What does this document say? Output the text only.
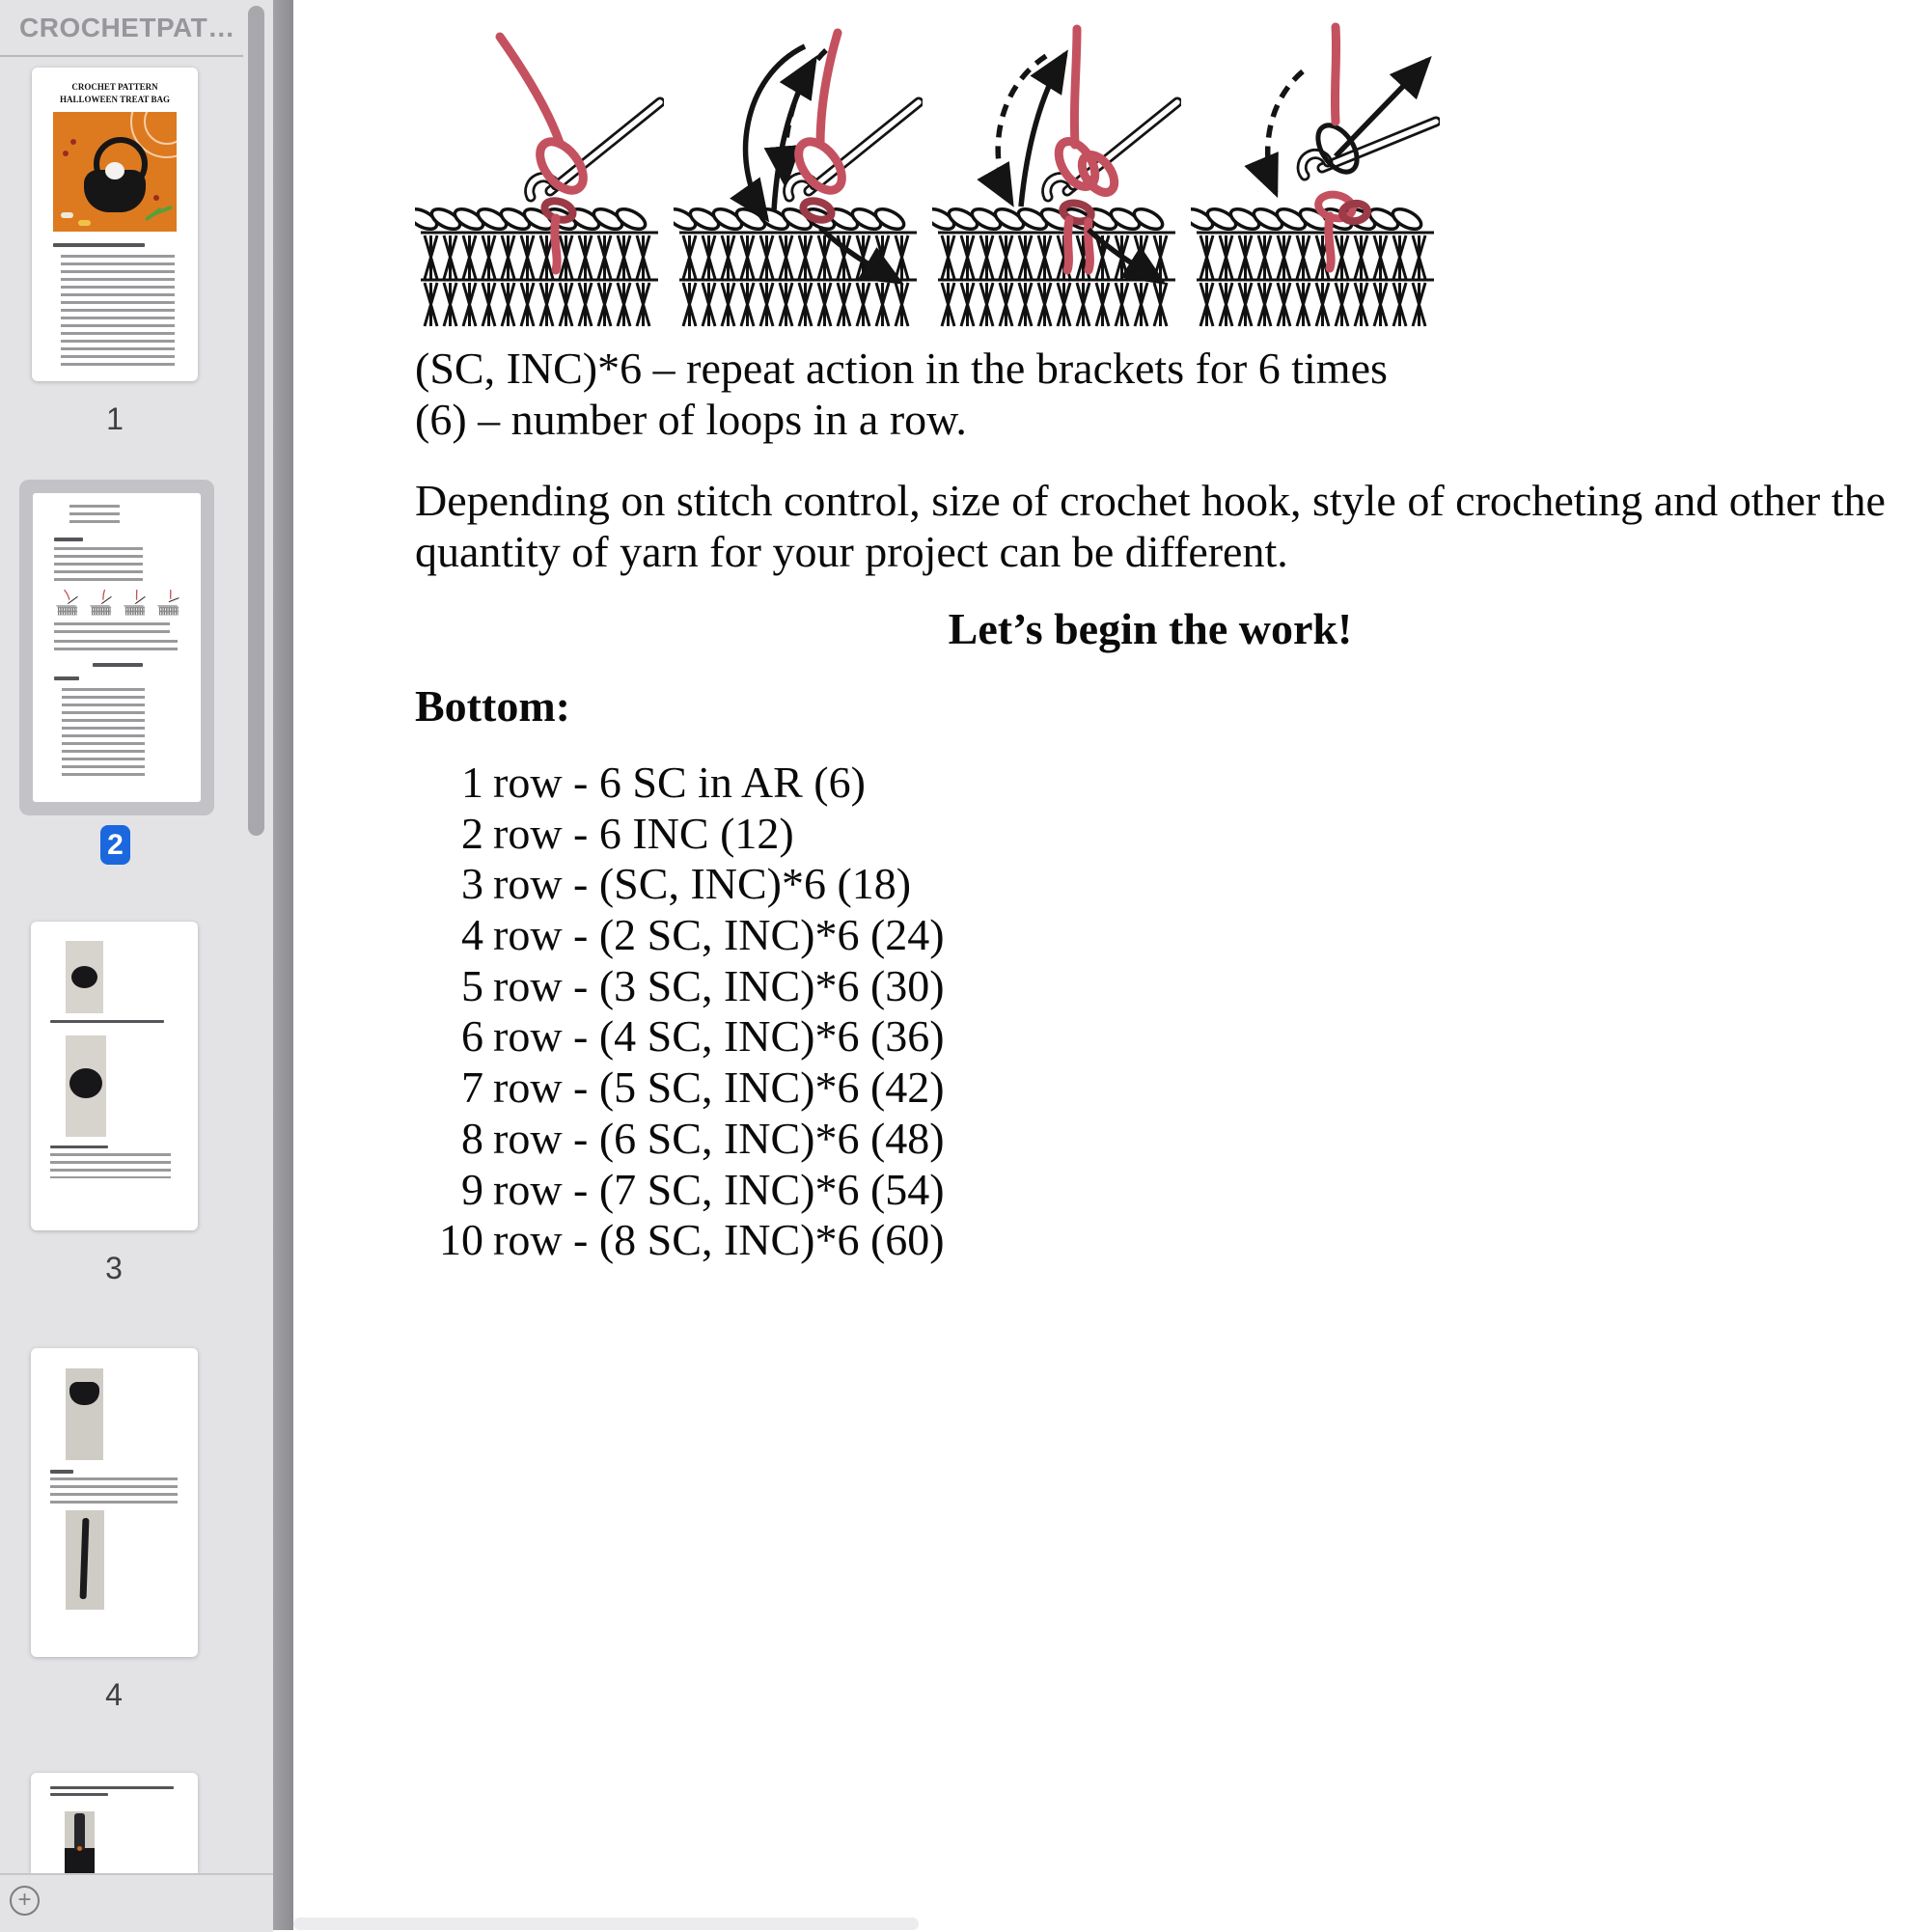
CROCHETPAT…
CROCHET PATTERN
HALLOWEEN TREAT BAG
1
2
3
4
+
(SC, INC)*6 – repeat action in the brackets for 6 times
(6) – number of loops in a row.
Depending on stitch control, size of crochet hook, style of crocheting and other the
quantity of yarn for your project can be different.
Let’s begin the work!
Bottom:
1 row - 6 SC in AR (6)
2 row - 6 INC (12)
3 row - (SC, INC)*6 (18)
4 row - (2 SC, INC)*6 (24)
5 row - (3 SC, INC)*6 (30)
6 row - (4 SC, INC)*6 (36)
7 row - (5 SC, INC)*6 (42)
8 row - (6 SC, INC)*6 (48)
9 row - (7 SC, INC)*6 (54)
10 row - (8 SC, INC)*6 (60)
